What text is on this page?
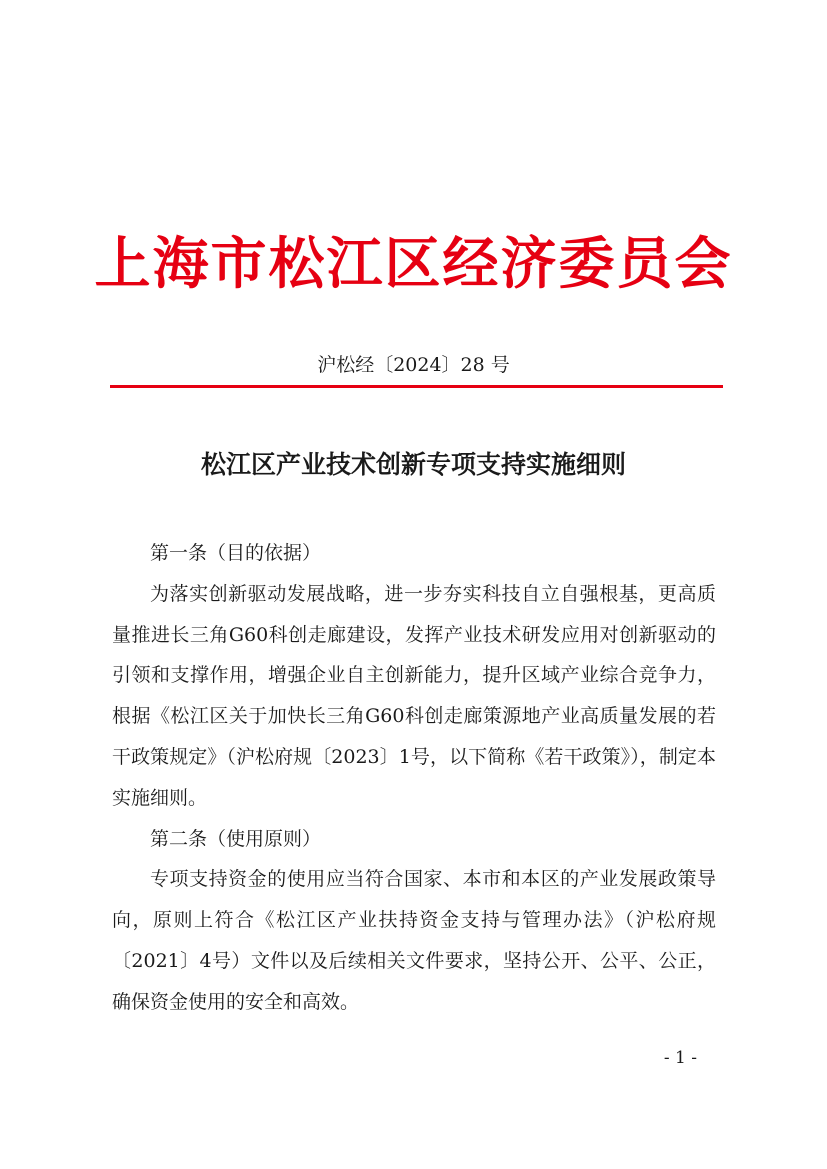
上海市松江区经济委员会
沪松经〔2024〕28 号
松江区产业技术创新专项支持实施细则

第一条（目的依据）

为落实创新驱动发展战略，进一步夯实科技自立自强根基，更高质量推进长三角G60科创走廊建设，发挥产业技术研发应用对创新驱动的引领和支撑作用，增强企业自主创新能力，提升区域产业综合竞争力，根据《松江区关于加快长三角G60科创走廊策源地产业高质量发展的若干政策规定》（沪松府规〔2023〕1号，以下简称《若干政策》），制定本实施细则。

第二条（使用原则）

专项支持资金的使用应当符合国家、本市和本区的产业发展政策导向，原则上符合《松江区产业扶持资金支持与管理办法》（沪松府规〔2021〕4号）文件以及后续相关文件要求，坚持公开、公平、公正，确保资金使用的安全和高效。

- 1 -
